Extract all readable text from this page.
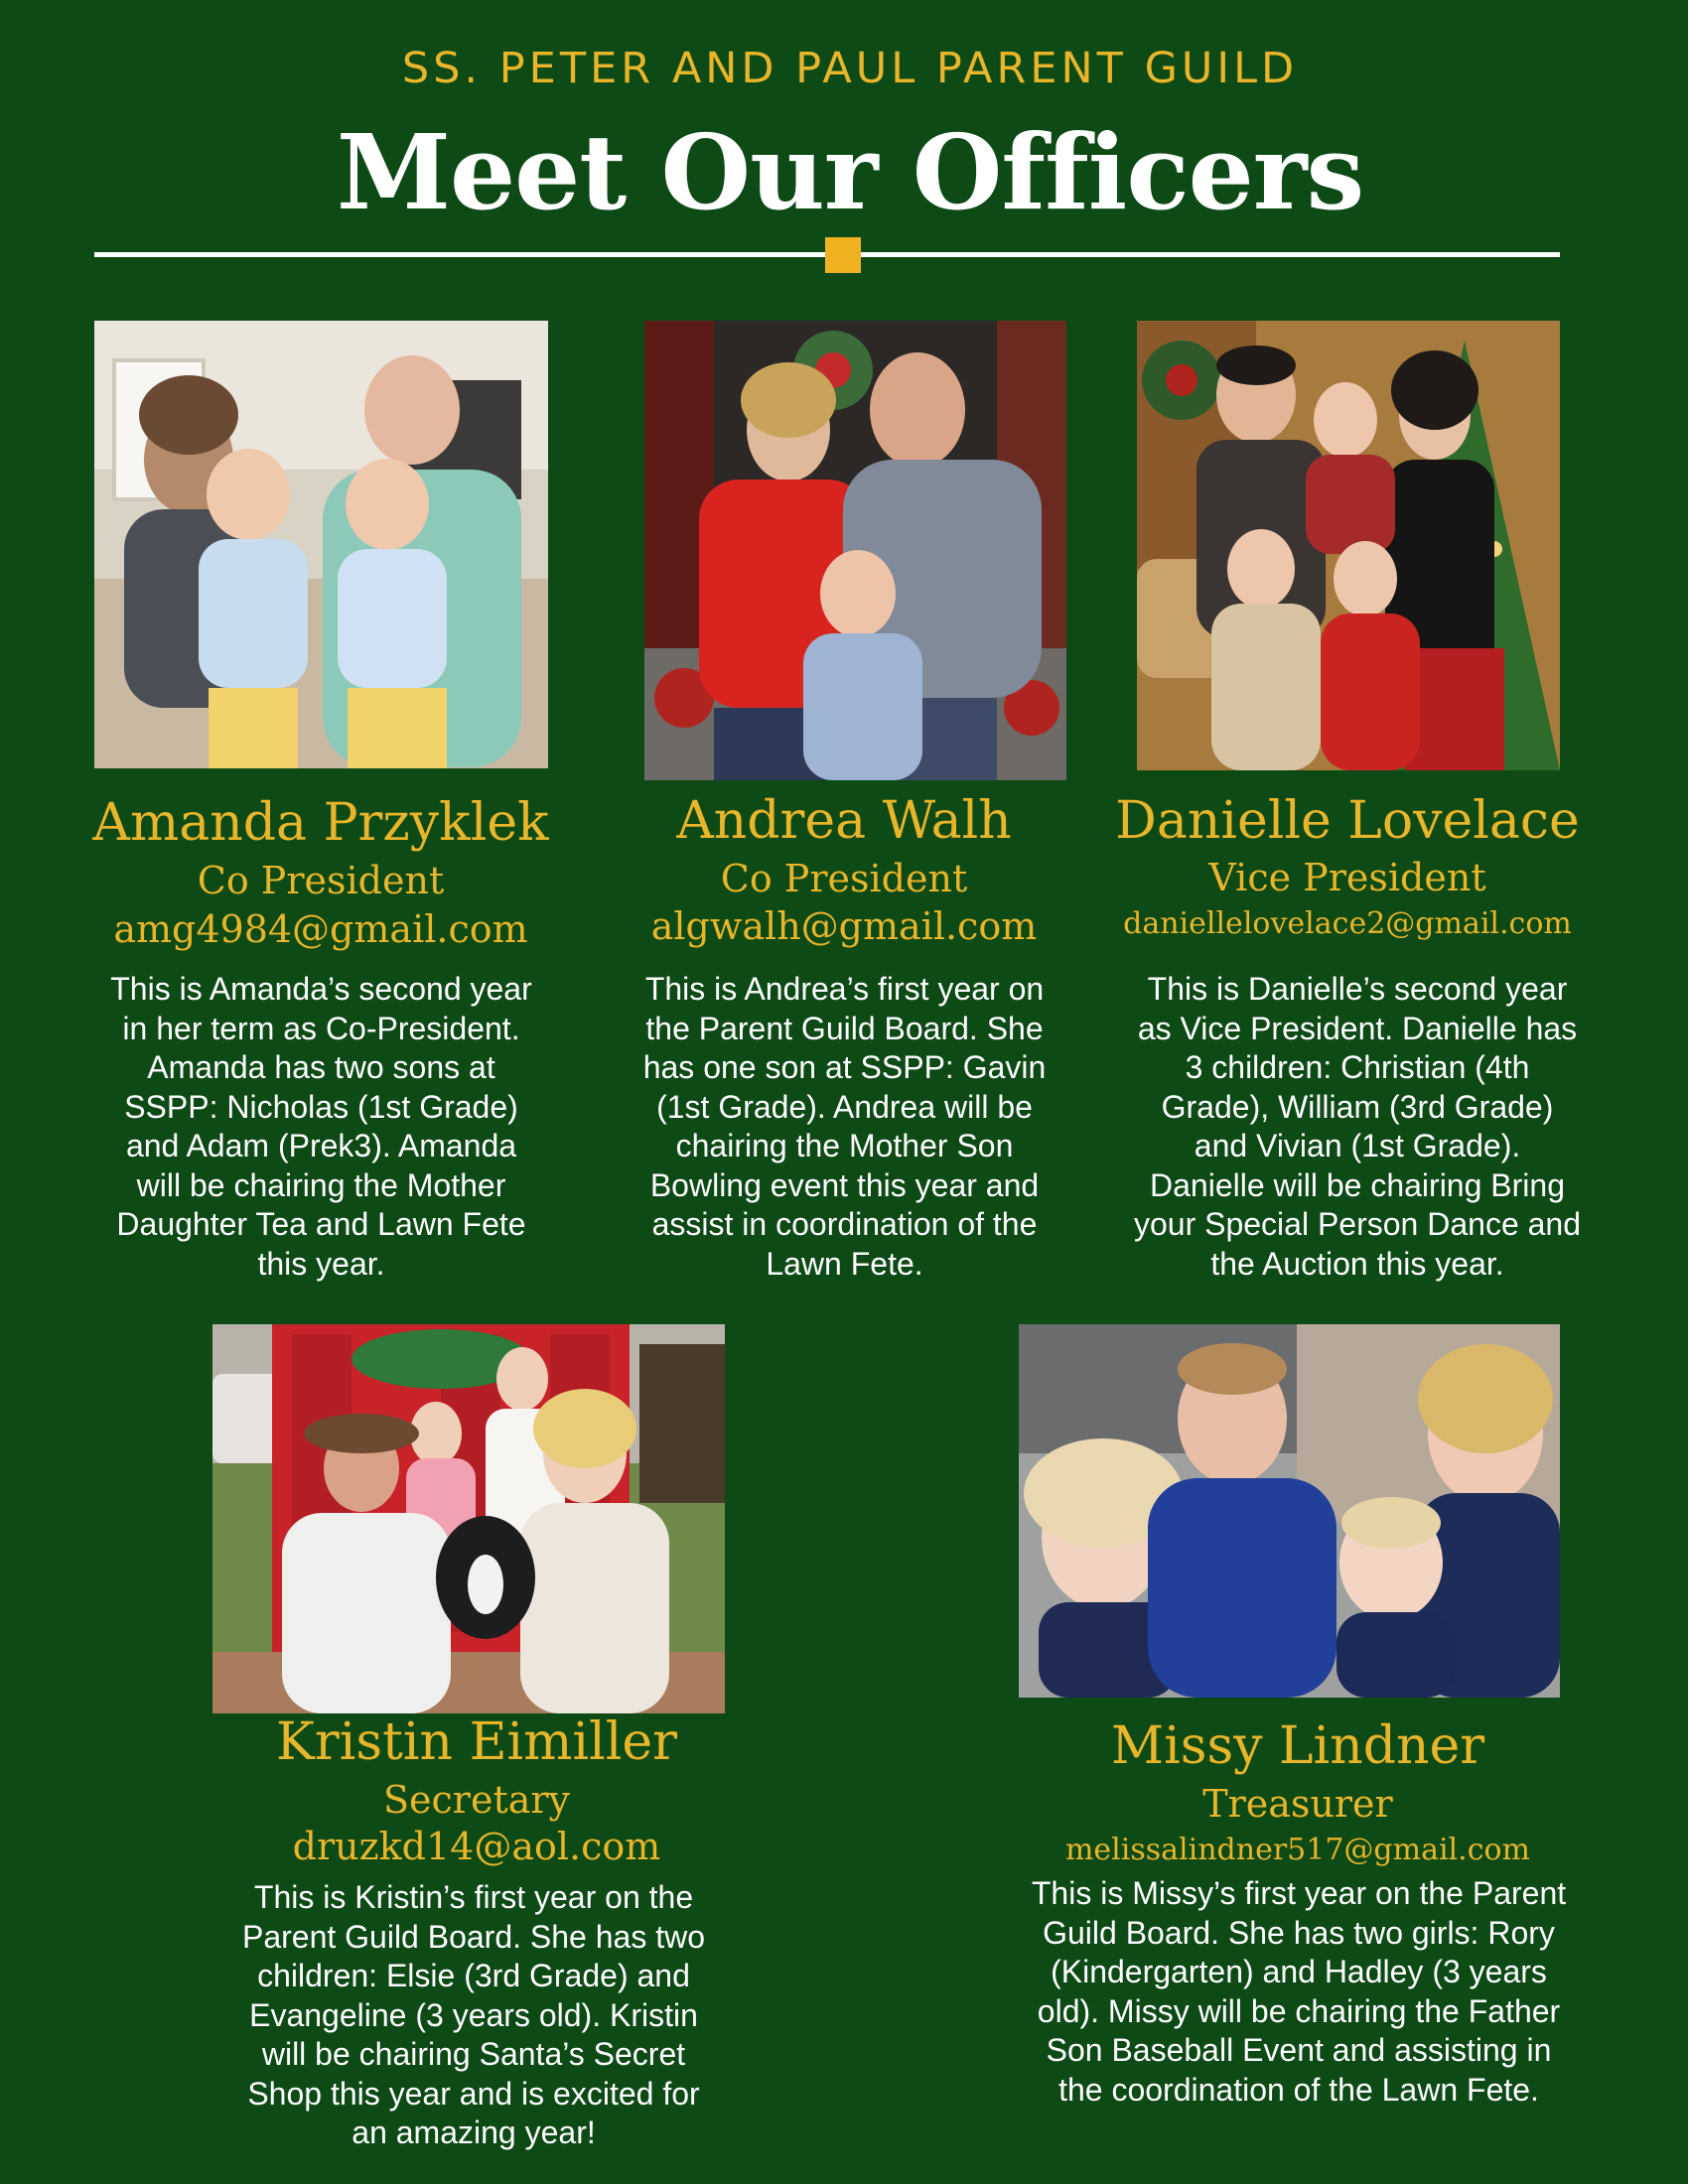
SS. PETER AND PAUL PARENT GUILD
Meet Our Officers
Amanda Przyklek
Co President
amg4984@gmail.com
This is Amanda’s second year in her term as Co-President. Amanda has two sons at SSPP: Nicholas (1st Grade) and Adam (Prek3). Amanda will be chairing the Mother Daughter Tea and Lawn Fete this year.
Andrea Walh
Co President
algwalh@gmail.com
This is Andrea’s first year on the Parent Guild Board. She has one son at SSPP: Gavin (1st Grade). Andrea will be chairing the Mother Son Bowling event this year and assist in coordination of the Lawn Fete.
Danielle Lovelace
Vice President
daniellelovelace2@gmail.com
This is Danielle’s second year as Vice President. Danielle has 3 children: Christian (4th Grade), William (3rd Grade) and Vivian (1st Grade). Danielle will be chairing Bring your Special Person Dance and the Auction this year.
Kristin Eimiller
Secretary
druzkd14@aol.com
This is Kristin’s first year on the Parent Guild Board. She has two children: Elsie (3rd Grade) and Evangeline (3 years old). Kristin will be chairing Santa’s Secret Shop this year and is excited for an amazing year!
Missy Lindner
Treasurer
melissalindner517@gmail.com
This is Missy’s first year on the Parent Guild Board. She has two girls: Rory (Kindergarten) and Hadley (3 years old). Missy will be chairing the Father Son Baseball Event and assisting in the coordination of the Lawn Fete.
